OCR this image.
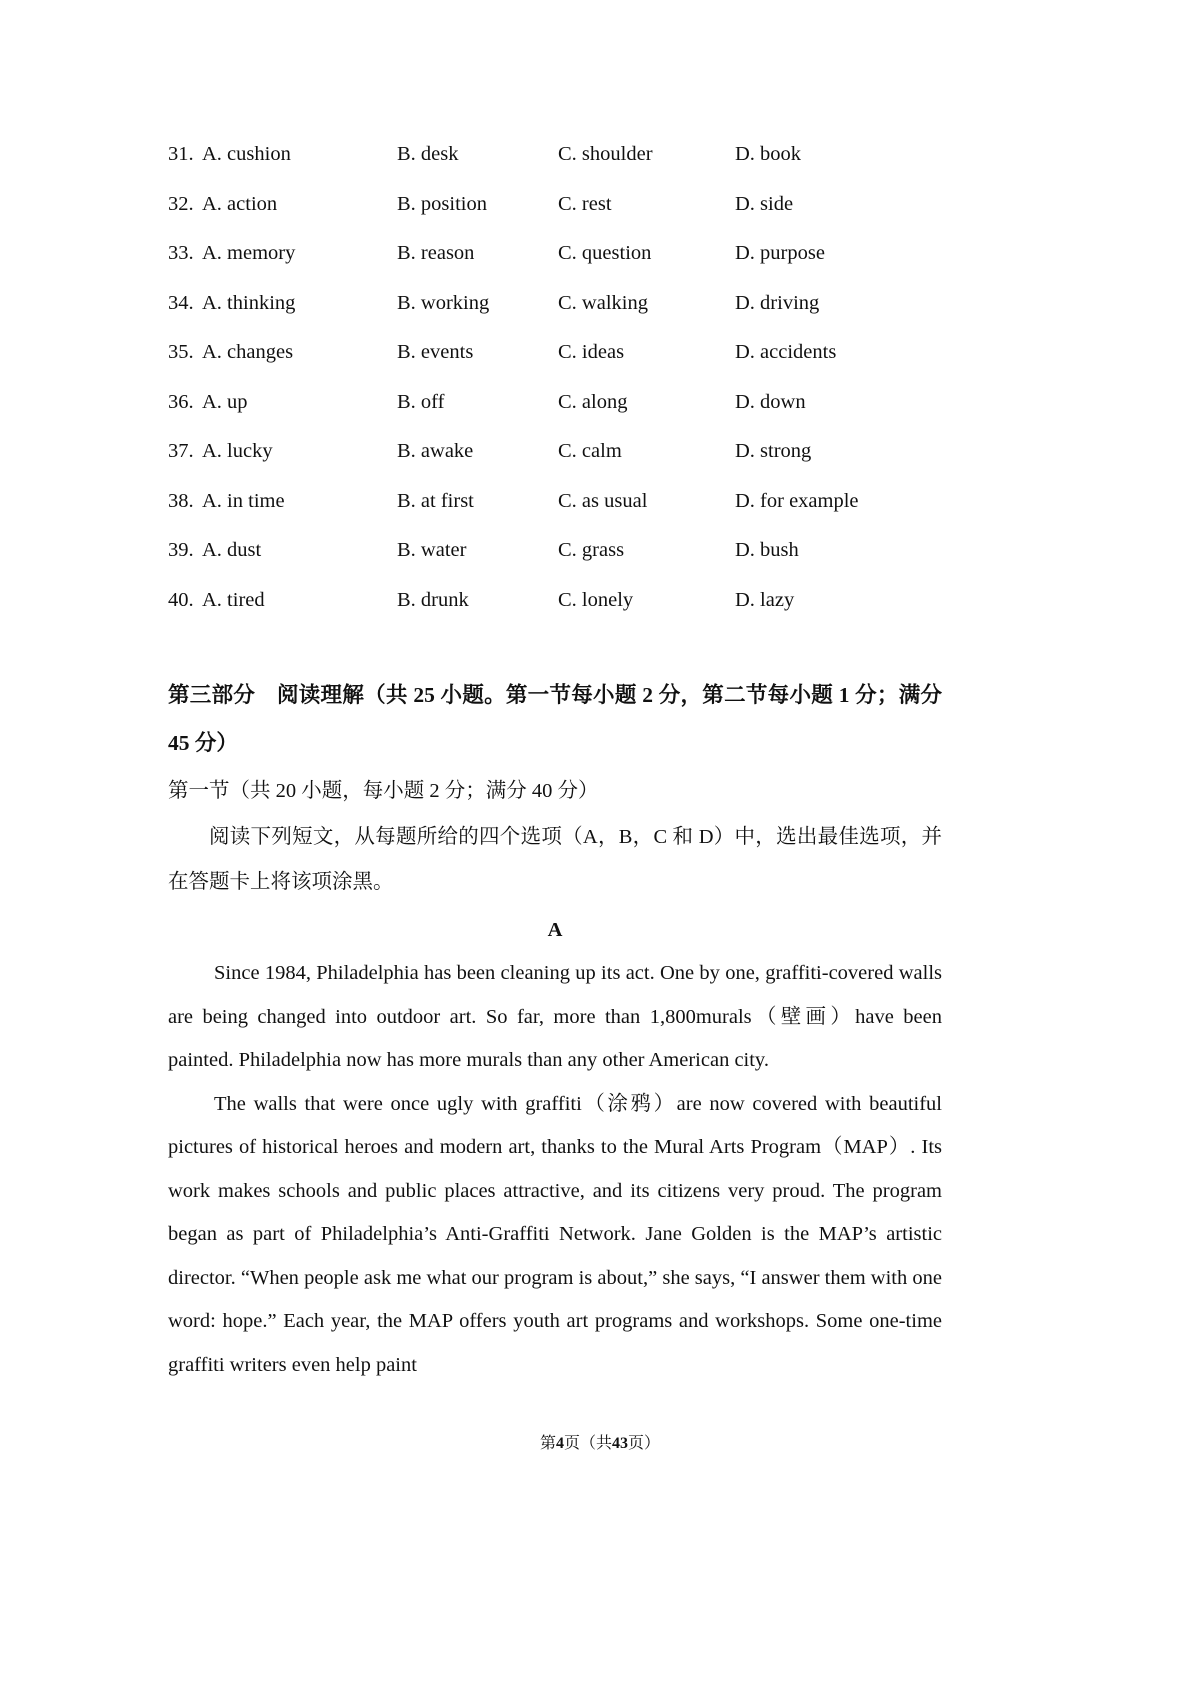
31. A. cushion	B. desk	C. shoulder	D. book
32. A. action	B. position	C. rest	D. side
33. A. memory	B. reason	C. question	D. purpose
34. A. thinking	B. working	C. walking	D. driving
35. A. changes	B. events	C. ideas	D. accidents
36. A. up	B. off	C. along	D. down
37. A. lucky	B. awake	C. calm	D. strong
38. A. in time	B. at first	C. as usual	D. for example
39. A. dust	B. water	C. grass	D. bush
40. A. tired	B. drunk	C. lonely	D. lazy
第三部分　阅读理解（共 25 小题。第一节每小题 2 分，第二节每小题 1 分；满分 45 分）
第一节（共 20 小题，每小题 2 分；满分 40 分）
阅读下列短文，从每题所给的四个选项（A，B，C 和 D）中，选出最佳选项，并在答题卡上将该项涂黑。
A

Since 1984, Philadelphia has been cleaning up its act. One by one, graffiti-covered walls are being changed into outdoor art. So far, more than 1,800murals（壁画）have been painted. Philadelphia now has more murals than any other American city.

The walls that were once ugly with graffiti（涂鸦）are now covered with beautiful pictures of historical heroes and modern art, thanks to the Mural Arts Program（MAP）. Its work makes schools and public places attractive, and its citizens very proud. The program began as part of Philadelphia’s Anti-Graffiti Network. Jane Golden is the MAP’s artistic director. “When people ask me what our program is about,” she says, “I answer them with one word: hope.” Each year, the MAP offers youth art programs and workshops. Some one-time graffiti writers even help paint

第4页（共43页）
